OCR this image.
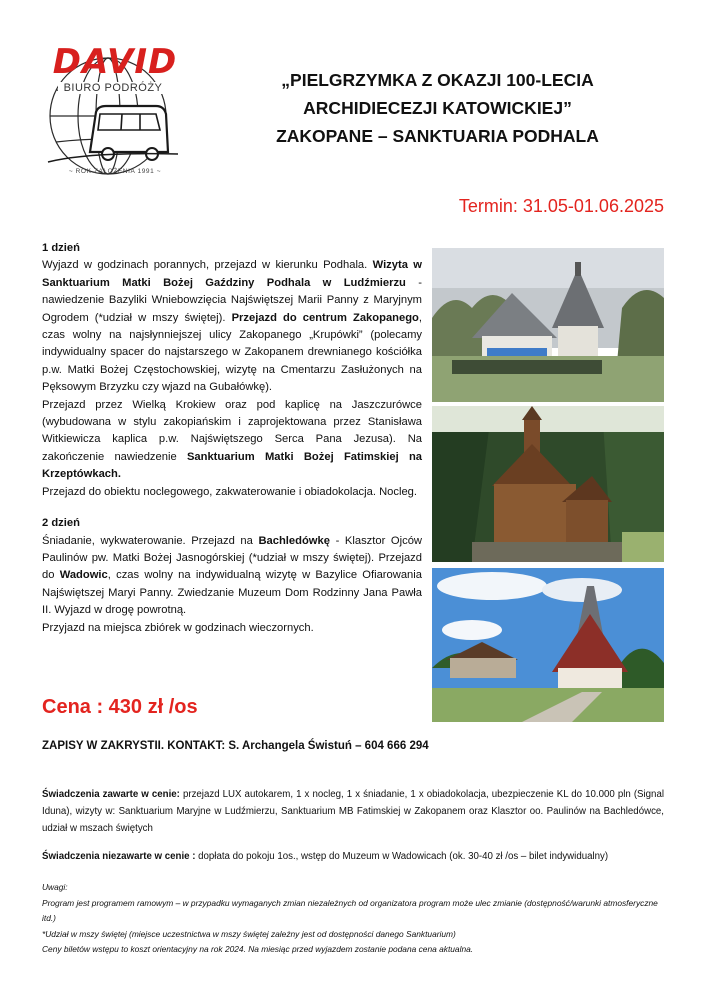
DAVID
BIURO PODRÓŻY
~ ROK ZAŁOŻENIA 1991 ~
„PIELGRZYMKA Z OKAZJI 100-LECIA
ARCHIDIECEZJI KATOWICKIEJ”
ZAKOPANE – SANKTUARIA PODHALA
Termin: 31.05-01.06.2025

1 dzień

Wyjazd w godzinach porannych, przejazd w kierunku Podhala. Wizyta w Sanktuarium Matki Bożej Gaździny Podhala w Ludźmierzu - nawiedzenie Bazyliki Wniebowzięcia Najświętszej Marii Panny z Maryjnym Ogrodem (*udział w mszy świętej). Przejazd do centrum Zakopanego, czas wolny na najsłynniejszej ulicy Zakopanego „Krupówki” (polecamy indywidualny spacer do najstarszego w Zakopanem drewnianego kościółka p.w. Matki Bożej Częstochowskiej, wizytę na Cmentarzu Zasłużonych na Pęksowym Brzyzku czy wjazd na Gubałówkę).

Przejazd przez Wielką Krokiew oraz pod kaplicę na Jaszczurówce (wybudowana w stylu zakopiańskim i zaprojektowana przez Stanisława Witkiewicza kaplica p.w. Najświętszego Serca Pana Jezusa). Na zakończenie nawiedzenie Sanktuarium Matki Bożej Fatimskiej na Krzeptówkach.

Przejazd do obiektu noclegowego, zakwaterowanie i obiadokolacja. Nocleg.

2 dzień

Śniadanie, wykwaterowanie. Przejazd na Bachledówkę - Klasztor Ojców Paulinów pw. Matki Bożej Jasnogórskiej (*udział w mszy świętej). Przejazd do Wadowic, czas wolny na indywidualną wizytę w Bazylice Ofiarowania Najświętszej Maryi Panny. Zwiedzanie Muzeum Dom Rodzinny Jana Pawła II. Wyjazd w drogę powrotną.

Przyjazd na miejsca zbiórek w godzinach wieczornych.

Cena : 430 zł /os
ZAPISY W ZAKRYSTII. KONTAKT: S. Archangela Świstuń – 604 666 294
Świadczenia zawarte w cenie: przejazd LUX autokarem, 1 x nocleg, 1 x śniadanie, 1 x obiadokolacja, ubezpieczenie KL do 10.000 pln (Signal Iduna), wizyty w: Sanktuarium Maryjne w Ludźmierzu, Sanktuarium MB Fatimskiej w Zakopanem oraz Klasztor oo. Paulinów na Bachledówce, udział w mszach świętych
Świadczenia niezawarte w cenie : dopłata do pokoju 1os., wstęp do Muzeum w Wadowicach (ok. 30-40 zł /os – bilet indywidualny)
Uwagi:
Program jest programem ramowym – w przypadku wymaganych zmian niezależnych od organizatora program może ulec zmianie (dostępność/warunki atmosferyczne itd.)
*Udział w mszy świętej (miejsce uczestnictwa w mszy świętej zależny jest od dostępności danego Sanktuarium)
Ceny biletów wstępu to koszt orientacyjny na rok 2024. Na miesiąc przed wyjazdem zostanie podana cena aktualna.
